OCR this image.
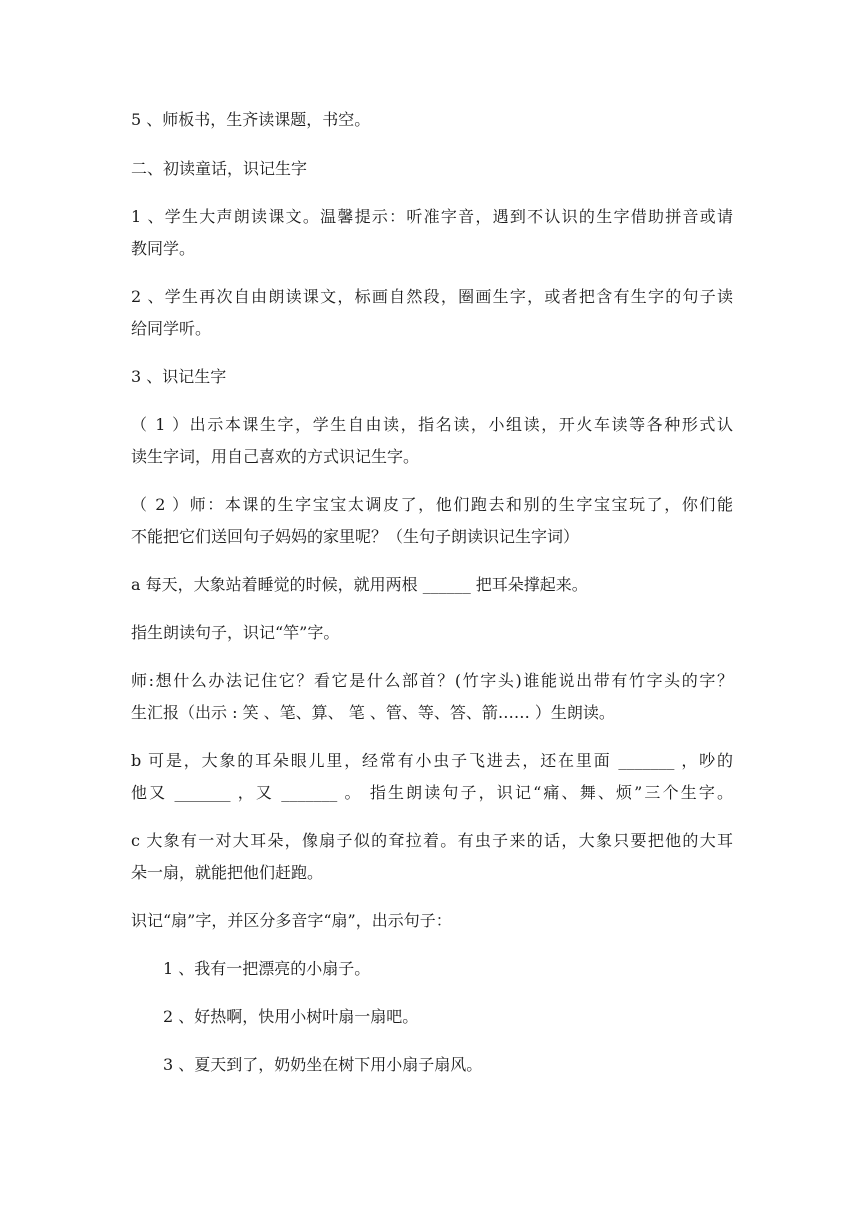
5 、师板书，生齐读课题，书空。
二、初读童话，识记生字
1 、学生大声朗读课文。温馨提示：听准字音，遇到不认识的生字借助拼音或请
教同学。
2 、学生再次自由朗读课文，标画自然段，圈画生字，或者把含有生字的句子读
给同学听。
3 、识记生字
（ 1 ）出示本课生字，学生自由读，指名读，小组读，开火车读等各种形式认
读生字词，用自己喜欢的方式识记生字。
（ 2 ）师：本课的生字宝宝太调皮了，他们跑去和别的生字宝宝玩了，你们能
不能把它们送回句子妈妈的家里呢？（生句子朗读识记生字词）
a 每天，大象站着睡觉的时候，就用两根 ______ 把耳朵撑起来。
指生朗读句子，识记“竿”字。
师:想什么办法记住它？看它是什么部首？(竹字头)谁能说出带有竹字头的字？
生汇报（出示 : 笑 、笔、算、 笔 、管、等、答、箭…… ）生朗读。
b 可是，大象的耳朵眼儿里，经常有小虫子飞进去，还在里面 _______ ，吵的
他又 _______ ，又 _______ 。 指生朗读句子，识记“痛、舞、烦”三个生字。
c 大象有一对大耳朵，像扇子似的耷拉着。有虫子来的话，大象只要把他的大耳
朵一扇，就能把他们赶跑。
识记“扇”字，并区分多音字“扇”，出示句子：
1 、我有一把漂亮的小扇子。
2 、好热啊，快用小树叶扇一扇吧。
3 、夏天到了，奶奶坐在树下用小扇子扇风。
